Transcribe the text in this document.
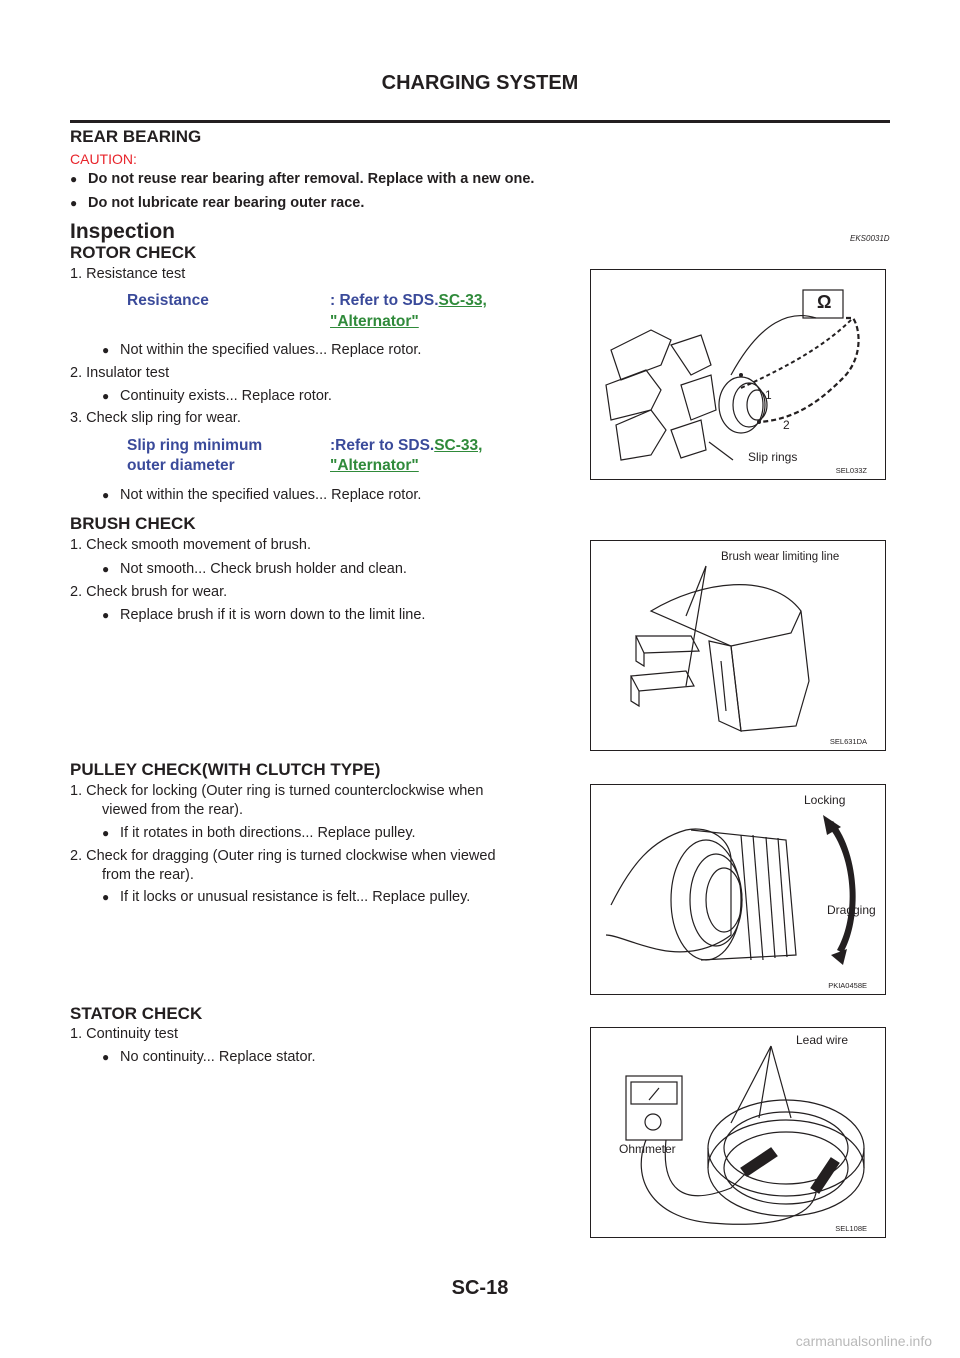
CHARGING SYSTEM
REAR BEARING
CAUTION:
● Do not reuse rear bearing after removal. Replace with a new one.
● Do not lubricate rear bearing outer race.
Inspection	EKS0031D
ROTOR CHECK
1. Resistance test
Resistance	: Refer to SDS.SC-33,
"Alternator"
● Not within the specified values... Replace rotor.
2. Insulator test
● Continuity exists... Replace rotor.
3. Check slip ring for wear.
Slip ring minimum
outer diameter
:Refer to SDS.SC-33,
"Alternator"
● Not within the specified values... Replace rotor.
Ω
1
2
Slip rings
SEL033Z
BRUSH CHECK
1. Check smooth movement of brush.
● Not smooth... Check brush holder and clean.
2. Check brush for wear.
● Replace brush if it is worn down to the limit line.
Brush wear limiting line
SEL631DA
PULLEY CHECK(WITH CLUTCH TYPE)
1. Check for locking (Outer ring is turned counterclockwise when
viewed from the rear).
● If it rotates in both directions... Replace pulley.
2. Check for dragging (Outer ring is turned clockwise when viewed
from the rear).
● If it locks or unusual resistance is felt... Replace pulley.
Locking
Dragging
PKIA0458E
STATOR CHECK
1. Continuity test
● No continuity... Replace stator.
Lead wire
Ohmmeter
SEL108E
SC-18
carmanualsonline.info
